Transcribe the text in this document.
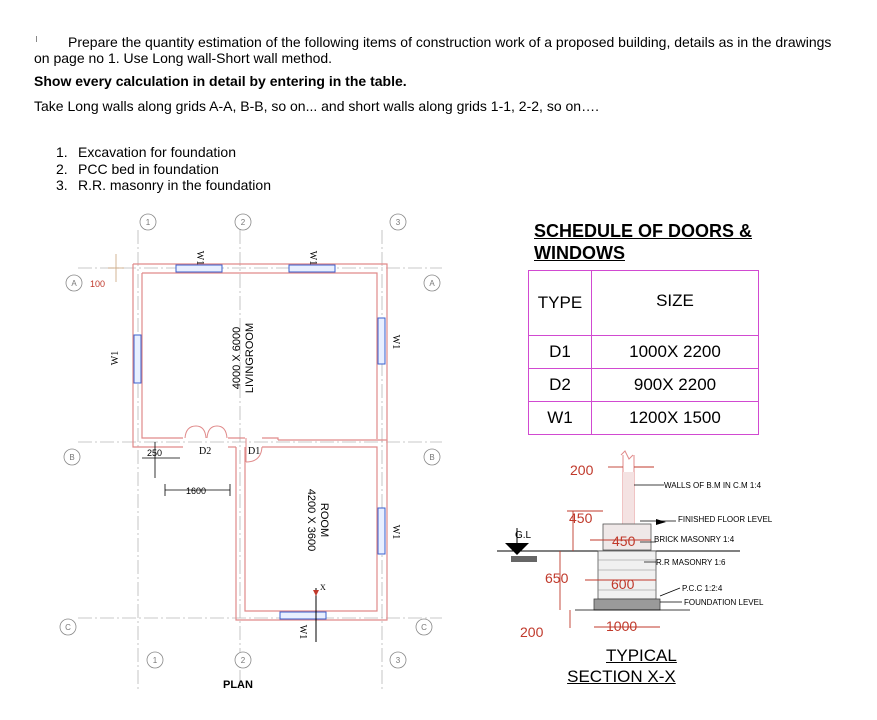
Prepare the quantity estimation of the following items of construction work of a proposed building, details as in the drawings
on page no 1. Use Long wall-Short wall method.
Show every calculation in detail by entering in the table.
Take Long walls along grids A-A, B-B, so on... and short walls along grids 1-1, 2-2, so on….
1. Excavation for foundation
2. PCC bed in foundation
3. R.R. masonry in the foundation
1	2	3
1	2	3
A
B
C
A
B
C
W1	W1
W1
W1
W1
W1
D2	D1
LIVINGROOM
4000 X 6000
ROOM
4200 X 3600
100
250
1600
X
PLAN
G.L
WALLS OF B.M IN C.M 1:4
FINISHED FLOOR LEVEL
BRICK MASONRY 1:4
R.R MASONRY 1:6
P.C.C 1:2:4
FOUNDATION LEVEL
200
450
450
650	600
200	1000
SCHEDULE OF DOORS &
WINDOWS
TYPE	SIZE
D1	1000X 2200
D2	900X 2200
W1	1200X 1500
TYPICAL
SECTION X-X
